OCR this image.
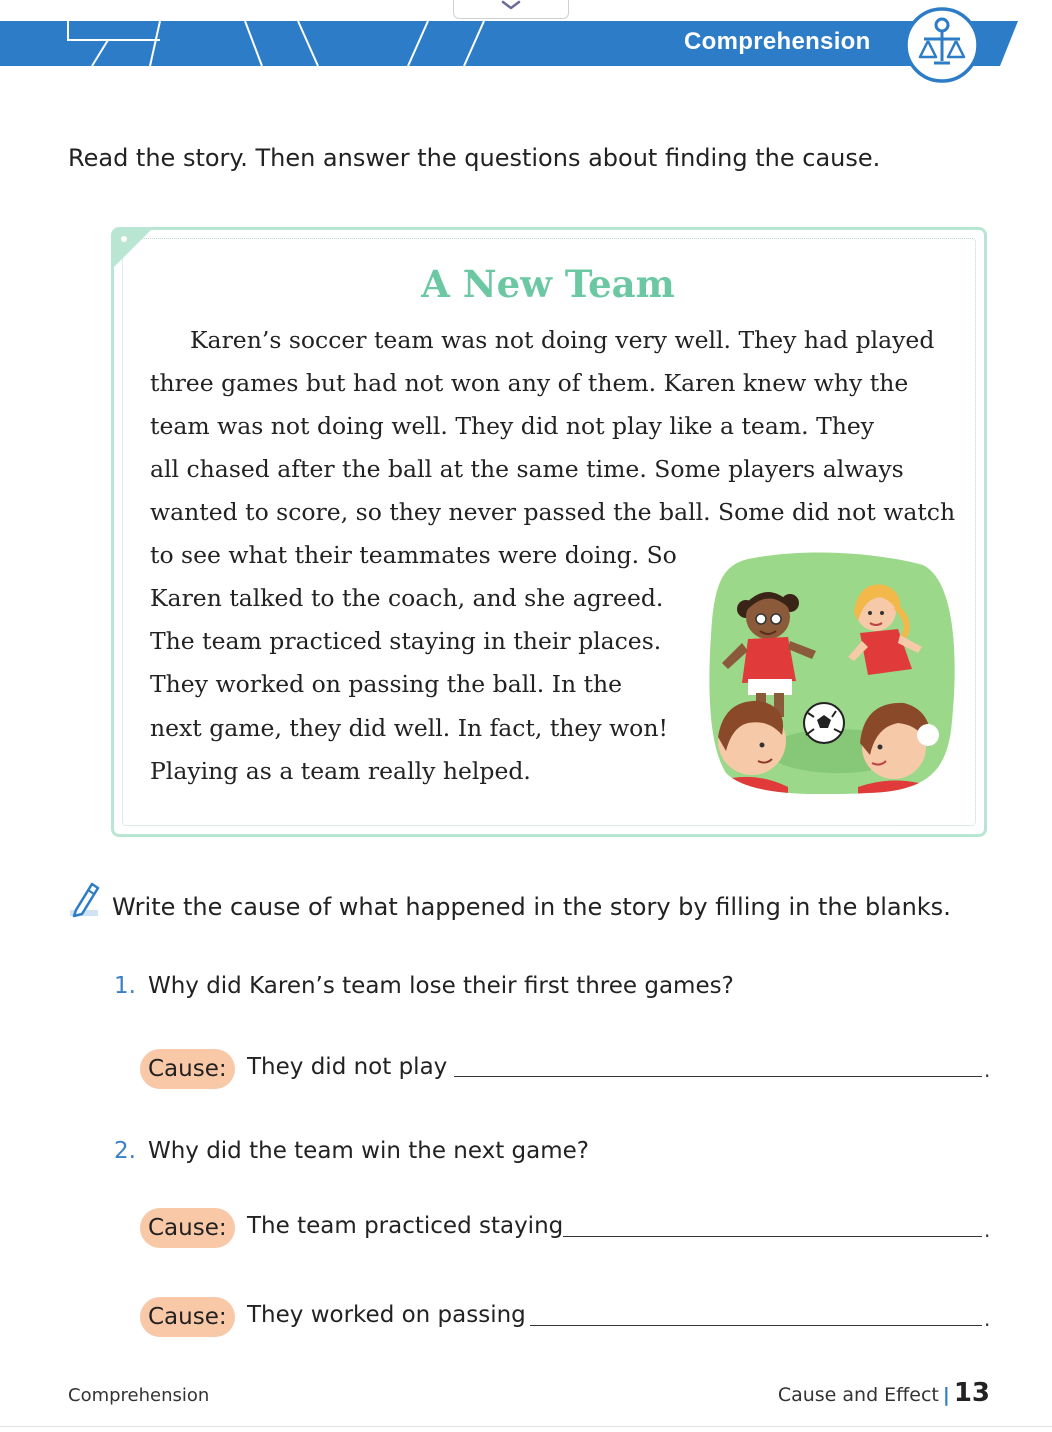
Comprehension
Read the story. Then answer the questions about finding the cause.
A New Team
Karen’s soccer team was not doing very well. They had played
three games but had not won any of them. Karen knew why the
team was not doing well. They did not play like a team. They
all chased after the ball at the same time. Some players always
wanted to score, so they never passed the ball. Some did not watch
to see what their teammates were doing. So
Karen talked to the coach, and she agreed.
The team practiced staying in their places.
They worked on passing the ball. In the
next game, they did well. In fact, they won!
Playing as a team really helped.
Write the cause of what happened in the story by filling in the blanks.
1. Why did Karen’s team lose their first three games?
Cause: They did not play	.
2. Why did the team win the next game?
Cause: The team practiced staying	.
Cause: They worked on passing	.
Comprehension	Cause and Effect | 13
